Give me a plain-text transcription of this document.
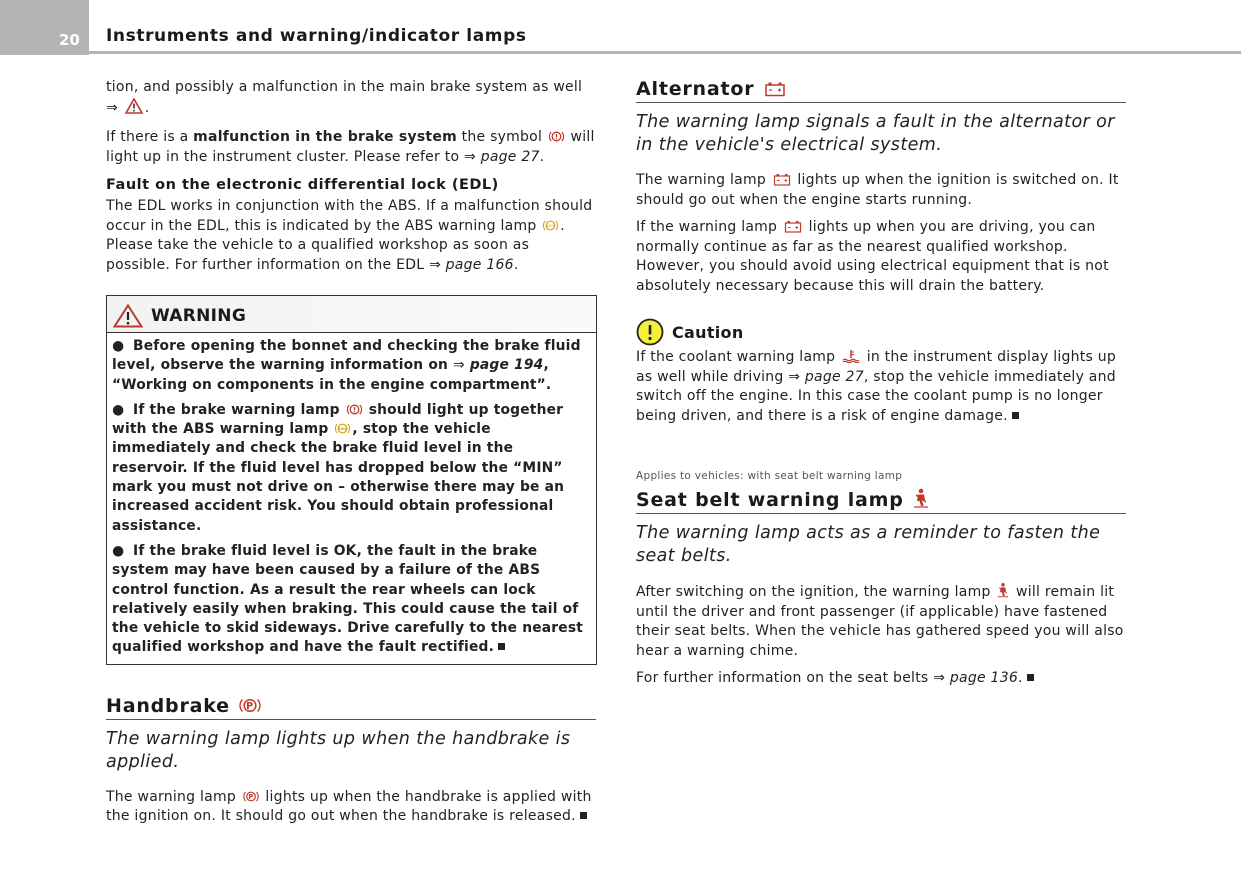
20 Instruments and warning/indicator lamps

tion, and possibly a malfunction in the main brake system as well
⇒ .

If there is a malfunction in the brake system the symbol  will light up in the instrument cluster. Please refer to ⇒ page 27.

Fault on the electronic differential lock (EDL)

The EDL works in conjunction with the ABS. If a malfunction should occur in the EDL, this is indicated by the ABS warning lamp ABS . Please take the vehicle to a qualified workshop as soon as possible. For further information on the EDL ⇒ page 166.

WARNING

● Before opening the bonnet and checking the brake fluid level, observe the warning information on ⇒ page 194, “Working on components in the engine compartment”.

● If the brake warning lamp  should light up together with the ABS warning lamp ABS , stop the vehicle immediately and check the brake fluid level in the reservoir. If the fluid level has dropped below the “MIN” mark you must not drive on – otherwise there may be an increased accident risk. You should obtain professional assistance.

● If the brake fluid level is OK, the fault in the brake system may have been caused by a failure of the ABS control function. As a result the rear wheels can lock relatively easily when braking. This could cause the tail of the vehicle to skid sideways. Drive carefully to the nearest qualified workshop and have the fault rectified.

Handbrake P
The warning lamp lights up when the handbrake is applied.

The warning lamp P lights up when the handbrake is applied with the ignition on. It should go out when the handbrake is released.

Alternator
The warning lamp signals a fault in the alternator or in the vehicle's electrical system.

The warning lamp  lights up when the ignition is switched on. It should go out when the engine starts running.

If the warning lamp  lights up when you are driving, you can normally continue as far as the nearest qualified workshop. However, you should avoid using electrical equipment that is not absolutely necessary because this will drain the battery.

Caution

If the coolant warning lamp  in the instrument display lights up as well while driving ⇒ page 27, stop the vehicle immediately and switch off the engine. In this case the coolant pump is no longer being driven, and there is a risk of engine damage.

Applies to vehicles: with seat belt warning lamp
Seat belt warning lamp
The warning lamp acts as a reminder to fasten the seat belts.

After switching on the ignition, the warning lamp  will remain lit until the driver and front passenger (if applicable) have fastened their seat belts. When the vehicle has gathered speed you will also hear a warning chime.

For further information on the seat belts ⇒ page 136.
